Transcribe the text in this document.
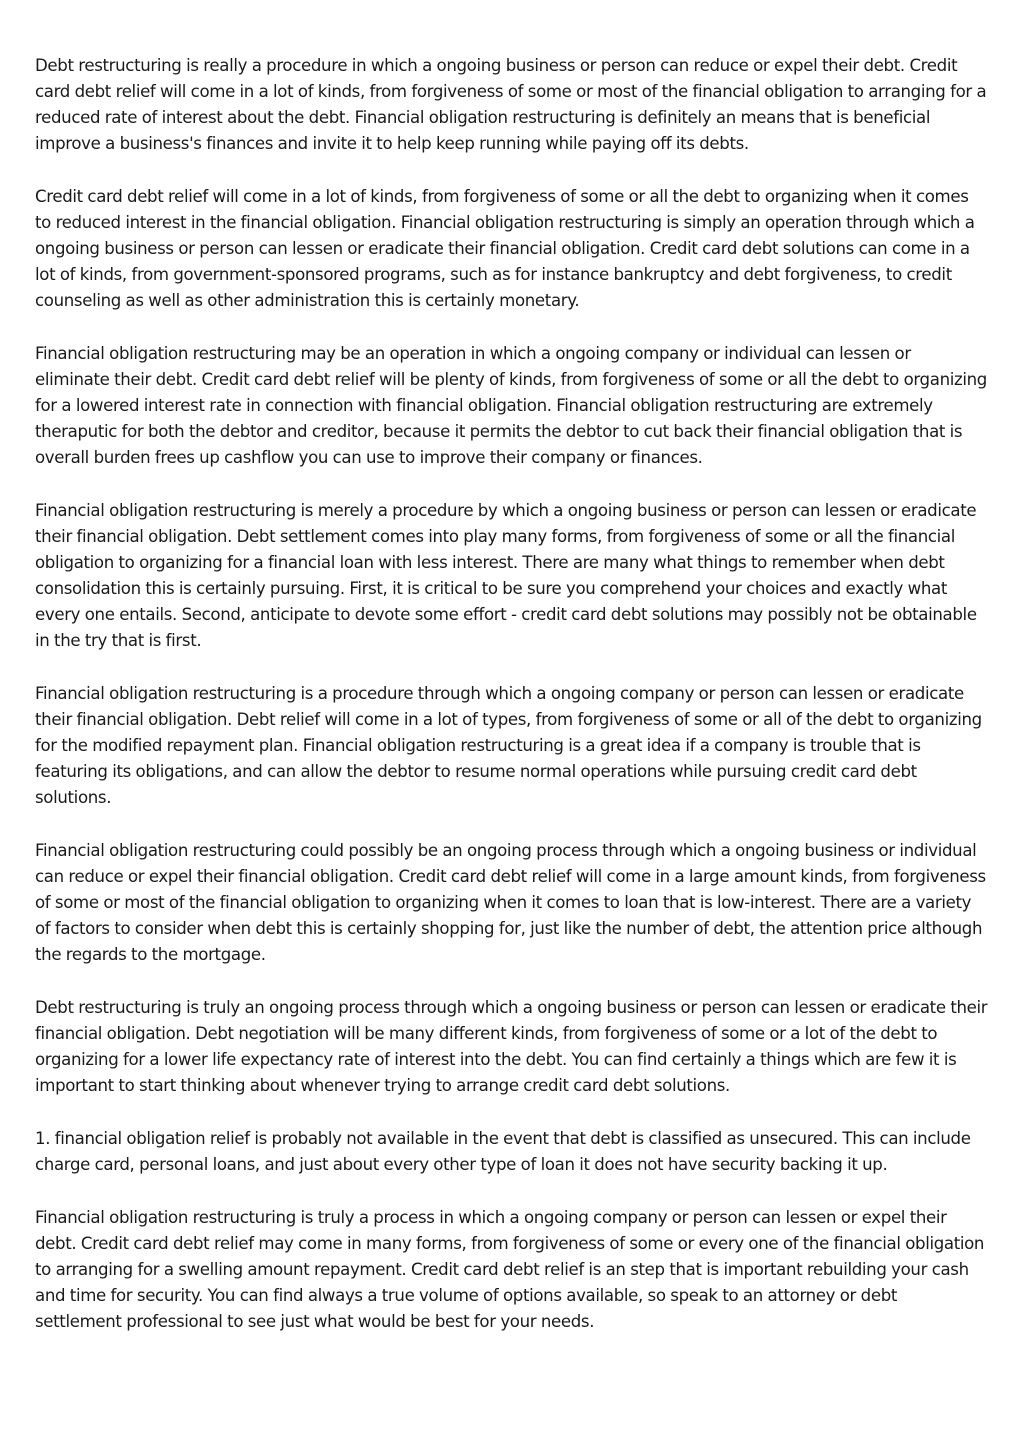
Debt restructuring is really a procedure in which a ongoing business or person can reduce or expel their debt. Credit card debt relief will come in a lot of kinds, from forgiveness of some or most of the financial obligation to arranging for a reduced rate of interest about the debt. Financial obligation restructuring is definitely an means that is beneficial improve a business's finances and invite it to help keep running while paying off its debts.

Credit card debt relief will come in a lot of kinds, from forgiveness of some or all the debt to organizing when it comes to reduced interest in the financial obligation. Financial obligation restructuring is simply an operation through which a ongoing business or person can lessen or eradicate their financial obligation. Credit card debt solutions can come in a lot of kinds, from government-sponsored programs, such as for instance bankruptcy and debt forgiveness, to credit counseling as well as other administration this is certainly monetary.

Financial obligation restructuring may be an operation in which a ongoing company or individual can lessen or eliminate their debt. Credit card debt relief will be plenty of kinds, from forgiveness of some or all the debt to organizing for a lowered interest rate in connection with financial obligation. Financial obligation restructuring are extremely theraputic for both the debtor and creditor, because it permits the debtor to cut back their financial obligation that is overall burden frees up cashflow you can use to improve their company or finances.

Financial obligation restructuring is merely a procedure by which a ongoing business or person can lessen or eradicate their financial obligation. Debt settlement comes into play many forms, from forgiveness of some or all the financial obligation to organizing for a financial loan with less interest. There are many what things to remember when debt consolidation this is certainly pursuing. First, it is critical to be sure you comprehend your choices and exactly what every one entails. Second, anticipate to devote some effort - credit card debt solutions may possibly not be obtainable in the try that is first.

Financial obligation restructuring is a procedure through which a ongoing company or person can lessen or eradicate their financial obligation. Debt relief will come in a lot of types, from forgiveness of some or all of the debt to organizing for the modified repayment plan. Financial obligation restructuring is a great idea if a company is trouble that is featuring its obligations, and can allow the debtor to resume normal operations while pursuing credit card debt solutions.

Financial obligation restructuring could possibly be an ongoing process through which a ongoing business or individual can reduce or expel their financial obligation. Credit card debt relief will come in a large amount kinds, from forgiveness of some or most of the financial obligation to organizing when it comes to loan that is low-interest. There are a variety of factors to consider when debt this is certainly shopping for, just like the number of debt, the attention price although the regards to the mortgage.

Debt restructuring is truly an ongoing process through which a ongoing business or person can lessen or eradicate their financial obligation. Debt negotiation will be many different kinds, from forgiveness of some or a lot of the debt to organizing for a lower life expectancy rate of interest into the debt. You can find certainly a things which are few it is important to start thinking about whenever trying to arrange credit card debt solutions.

1. financial obligation relief is probably not available in the event that debt is classified as unsecured. This can include charge card, personal loans, and just about every other type of loan it does not have security backing it up.

Financial obligation restructuring is truly a process in which a ongoing company or person can lessen or expel their debt. Credit card debt relief may come in many forms, from forgiveness of some or every one of the financial obligation to arranging for a swelling amount repayment. Credit card debt relief is an step that is important rebuilding your cash and time for security. You can find always a true volume of options available, so speak to an attorney or debt settlement professional to see just what would be best for your needs.
